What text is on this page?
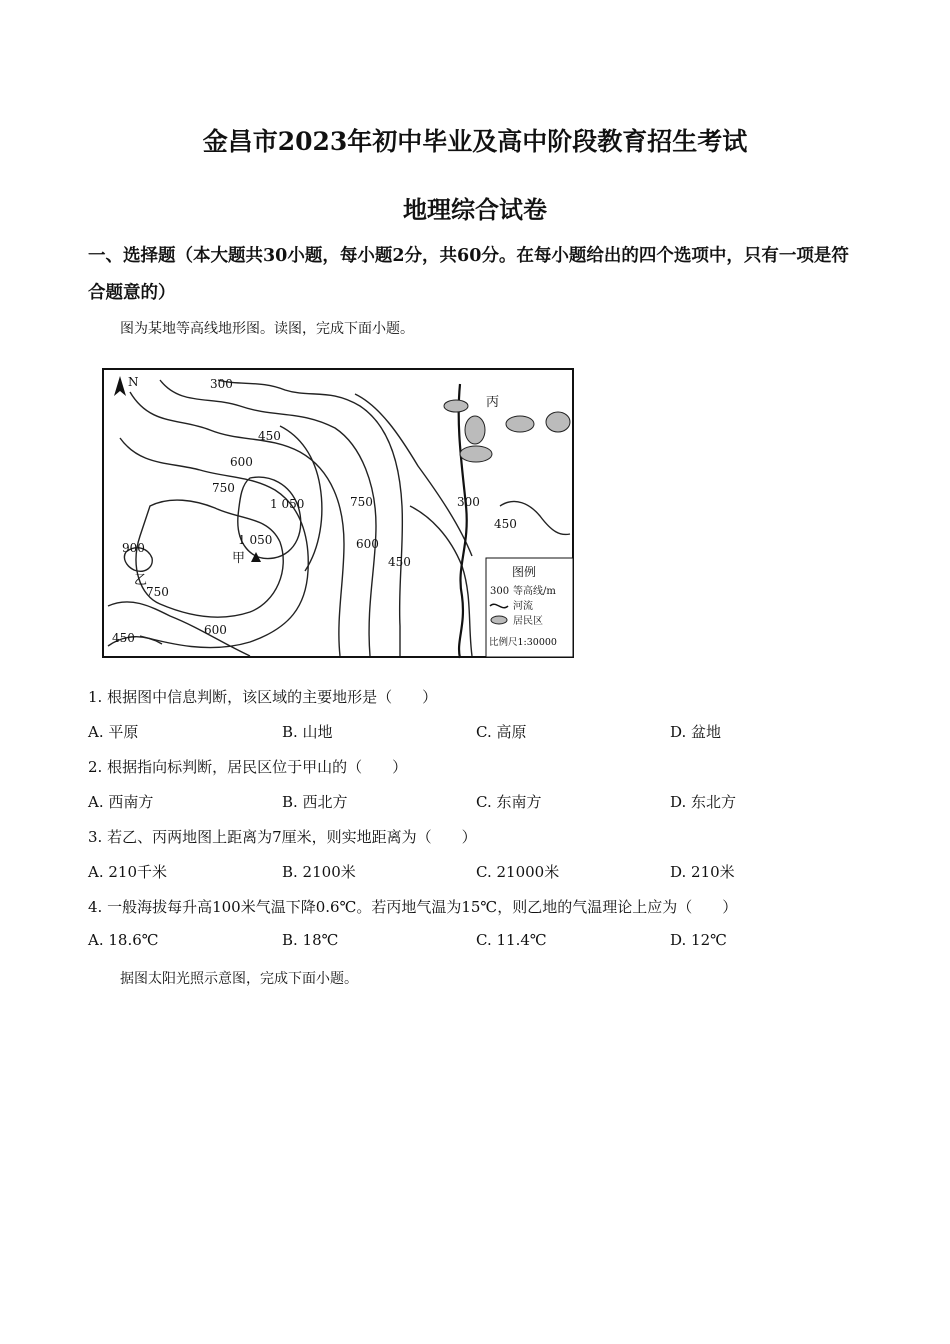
金昌市2023年初中毕业及高中阶段教育招生考试
地理综合试卷
一、选择题（本大题共30小题，每小题2分，共60分。在每小题给出的四个选项中，只有一项是符合题意的）
图为某地等高线地形图。读图，完成下面小题。
N	300
450
600
750
1 050	750
600
450
300
450
1 050
900
750
450
600
甲
乙
丙
图例
300 等高线/m
河流
居民区
比例尺1:30000
1. 根据图中信息判断，该区域的主要地形是（　　）
A. 平原	B. 山地	C. 高原	D. 盆地
2. 根据指向标判断，居民区位于甲山的（　　）
A. 西南方	B. 西北方	C. 东南方	D. 东北方
3. 若乙、丙两地图上距离为7厘米，则实地距离为（　　）
A. 210千米	B. 2100米	C. 21000米	D. 210米
4. 一般海拔每升高100米气温下降0.6℃。若丙地气温为15℃，则乙地的气温理论上应为（　　）
A. 18.6℃	B. 18℃	C. 11.4℃	D. 12℃
据图太阳光照示意图，完成下面小题。
